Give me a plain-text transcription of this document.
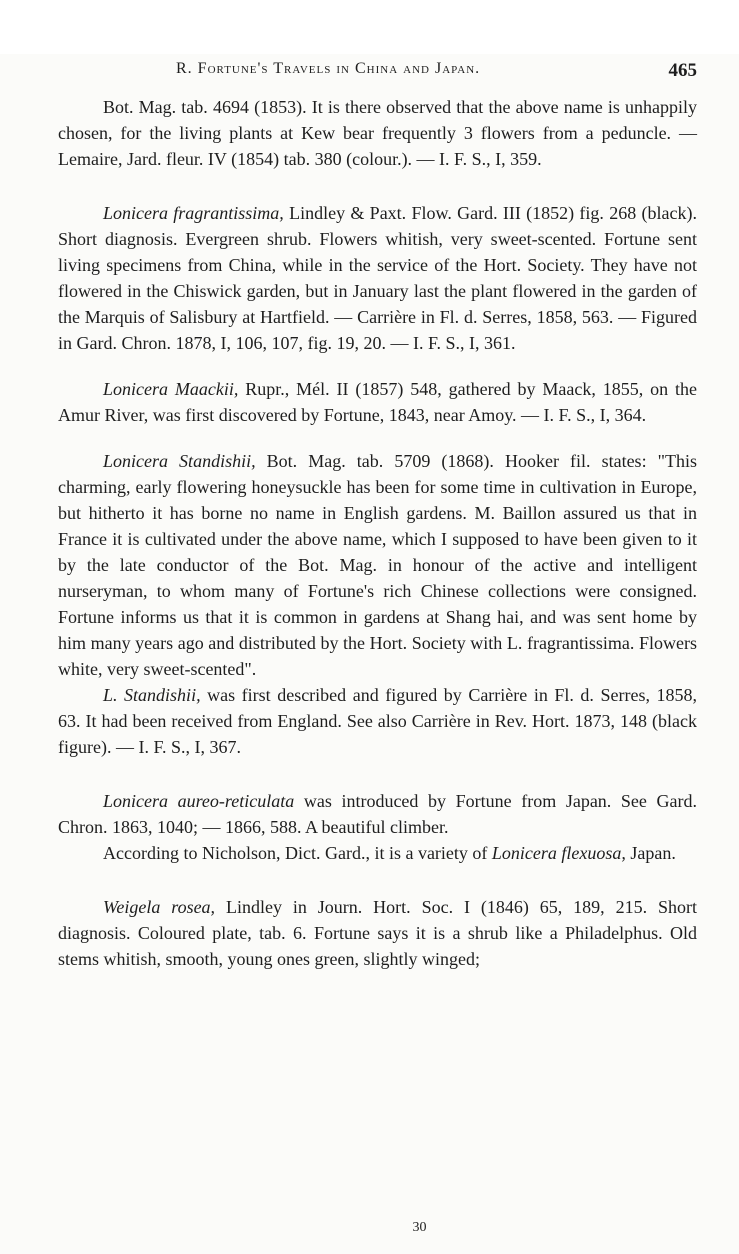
R. Fortune's Travels in China and Japan.	465

Bot. Mag. tab. 4694 (1853). It is there observed that the above name is unhappily chosen, for the living plants at Kew bear frequently 3 flowers from a peduncle. — Lemaire, Jard. fleur. IV (1854) tab. 380 (colour.). — I. F. S., I, 359.

Lonicera fragrantissima, Lindley & Paxt. Flow. Gard. III (1852) fig. 268 (black). Short diagnosis. Evergreen shrub. Flowers whitish, very sweet-scented. Fortune sent living specimens from China, while in the service of the Hort. Society. They have not flowered in the Chiswick garden, but in January last the plant flowered in the garden of the Marquis of Salisbury at Hartfield. — Carrière in Fl. d. Serres, 1858, 563. — Figured in Gard. Chron. 1878, I, 106, 107, fig. 19, 20. — I. F. S., I, 361.

Lonicera Maackii, Rupr., Mél. II (1857) 548, gathered by Maack, 1855, on the Amur River, was first discovered by Fortune, 1843, near Amoy. — I. F. S., I, 364.

Lonicera Standishii, Bot. Mag. tab. 5709 (1868). Hooker fil. states: "This charming, early flowering honeysuckle has been for some time in cultivation in Europe, but hitherto it has borne no name in English gardens. M. Baillon assured us that in France it is cultivated under the above name, which I supposed to have been given to it by the late conductor of the Bot. Mag. in honour of the active and intelligent nurseryman, to whom many of Fortune's rich Chinese collections were consigned. Fortune informs us that it is common in gardens at Shang hai, and was sent home by him many years ago and distributed by the Hort. Society with L. fragrantissima. Flowers white, very sweet-scented".

L. Standishii, was first described and figured by Carrière in Fl. d. Serres, 1858, 63. It had been received from England. See also Carrière in Rev. Hort. 1873, 148 (black figure). — I. F. S., I, 367.

Lonicera aureo-reticulata was introduced by Fortune from Japan. See Gard. Chron. 1863, 1040; — 1866, 588. A beautiful climber.

According to Nicholson, Dict. Gard., it is a variety of Lonicera flexuosa, Japan.

Weigela rosea, Lindley in Journ. Hort. Soc. I (1846) 65, 189, 215. Short diagnosis. Coloured plate, tab. 6. Fortune says it is a shrub like a Philadelphus. Old stems whitish, smooth, young ones green, slightly winged;

30
